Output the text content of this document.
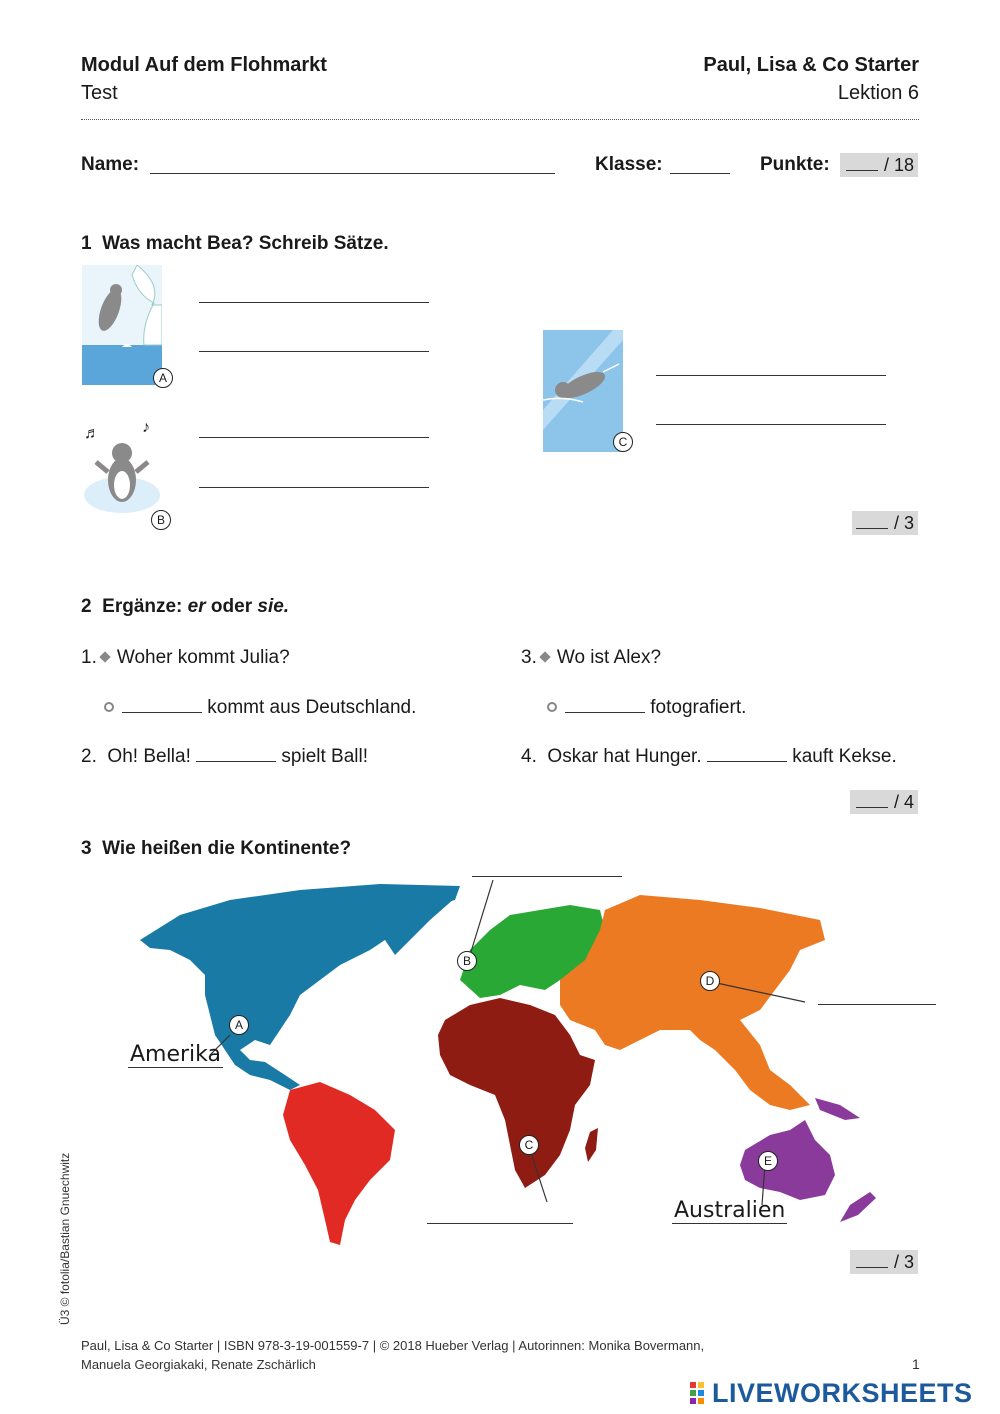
Modul Auf dem Flohmarkt
Test
Paul, Lisa & Co Starter
Lektion 6
Name:	Klasse:	Punkte:	/ 18
1 Was macht Bea? Schreib Sätze.
A
♬	♪
B
C
/ 3
2 Ergänze: er oder sie.
1. Woher kommt Julia?
kommt aus Deutschland.
2. Oh! Bella!	spielt Ball!
3. Wo ist Alex?
fotografiert.
4. Oskar hat Hunger.	kauft Kekse.
/ 4
3 Wie heißen die Kontinente?
A
B
C
D
E
Amerika
Australien
/ 3
Ü3 © fotolia/Bastian Gnuechwitz
Paul, Lisa & Co Starter | ISBN 978-3-19-001559-7 | © 2018 Hueber Verlag | Autorinnen: Monika Bovermann,
Manuela Georgiakaki, Renate Zschärlich	1
LIVEWORKSHEETS
